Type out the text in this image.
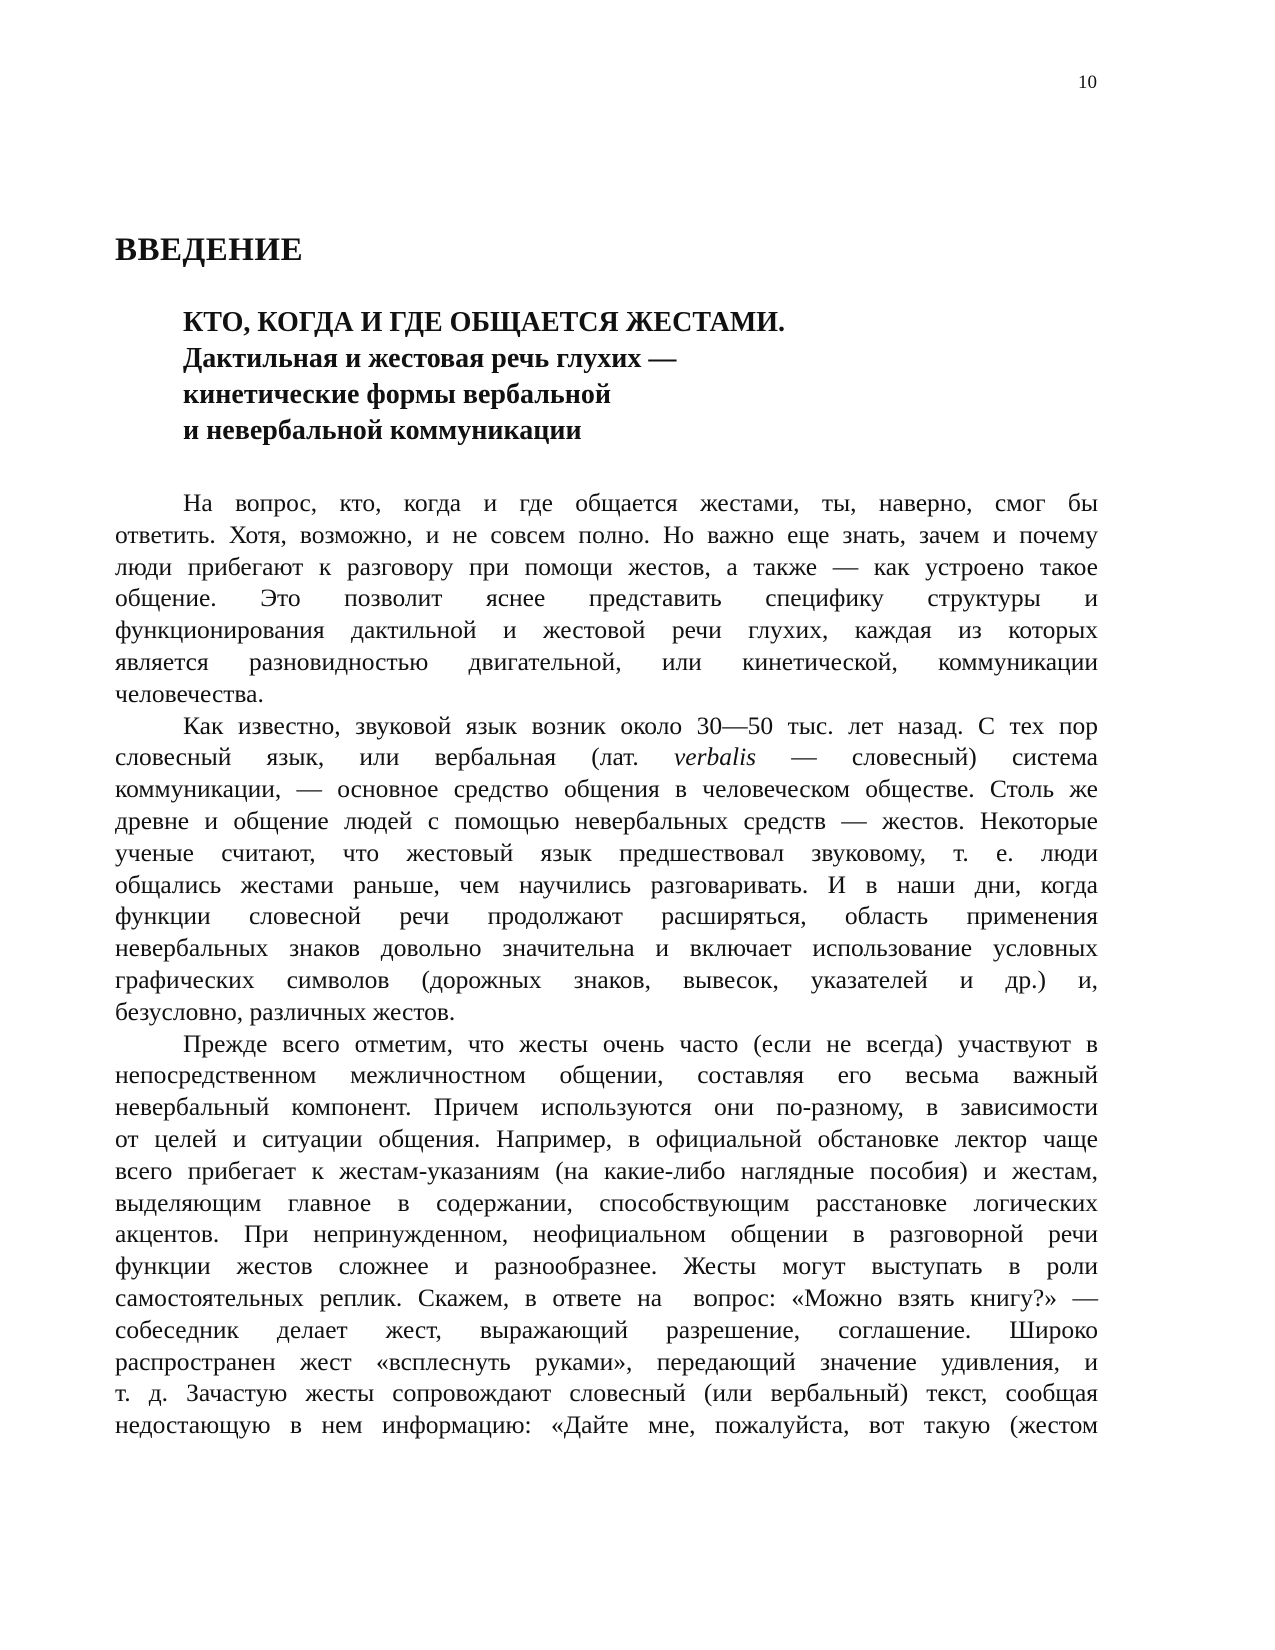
10
ВВЕДЕНИЕ
КТО, КОГДА И ГДЕ ОБЩАЕТСЯ ЖЕСТАМИ.
Дактильная и жестовая речь глухих —
кинетические формы вербальной
и невербальной коммуникации
На вопрос, кто, когда и где общается жестами, ты, наверно, смог бы
ответить. Хотя, возможно, и не совсем полно. Но важно еще знать, зачем и почему
люди прибегают к разговору при помощи жестов, а также — как устроено такое
общение. Это позволит яснее представить специфику структуры и
функционирования дактильной и жестовой речи глухих, каждая из которых
является разновидностью двигательной, или кинетической, коммуникации
человечества.
Как известно, звуковой язык возник около 30—50 тыс. лет назад. С тех пор
словесный язык, или вербальная (лат. verbalis — словесный) система
коммуникации, — основное средство общения в человеческом обществе. Столь же
древне и общение людей с помощью невербальных средств — жестов. Некоторые
ученые считают, что жестовый язык предшествовал звуковому, т. е. люди
общались жестами раньше, чем научились разговаривать. И в наши дни, когда
функции словесной речи продолжают расширяться, область применения
невербальных знаков довольно значительна и включает использование условных
графических символов (дорожных знаков, вывесок, указателей и др.) и,
безусловно, различных жестов.
Прежде всего отметим, что жесты очень часто (если не всегда) участвуют в
непосредственном межличностном общении, составляя его весьма важный
невербальный компонент. Причем используются они по-разному, в зависимости
от целей и ситуации общения. Например, в официальной обстановке лектор чаще
всего прибегает к жестам-указаниям (на какие-либо наглядные пособия) и жестам,
выделяющим главное в содержании, способствующим расстановке логических
акцентов. При непринужденном, неофициальном общении в разговорной речи
функции жестов сложнее и разнообразнее. Жесты могут выступать в роли
самостоятельных реплик. Скажем, в ответе на  вопрос: «Можно взять книгу?» —
собеседник делает жест, выражающий разрешение, соглашение. Широко
распространен жест «всплеснуть руками», передающий значение удивления, и
т. д. Зачастую жесты сопровождают словесный (или вербальный) текст, сообщая
недостающую в нем информацию: «Дайте мне, пожалуйста, вот такую (жестом
